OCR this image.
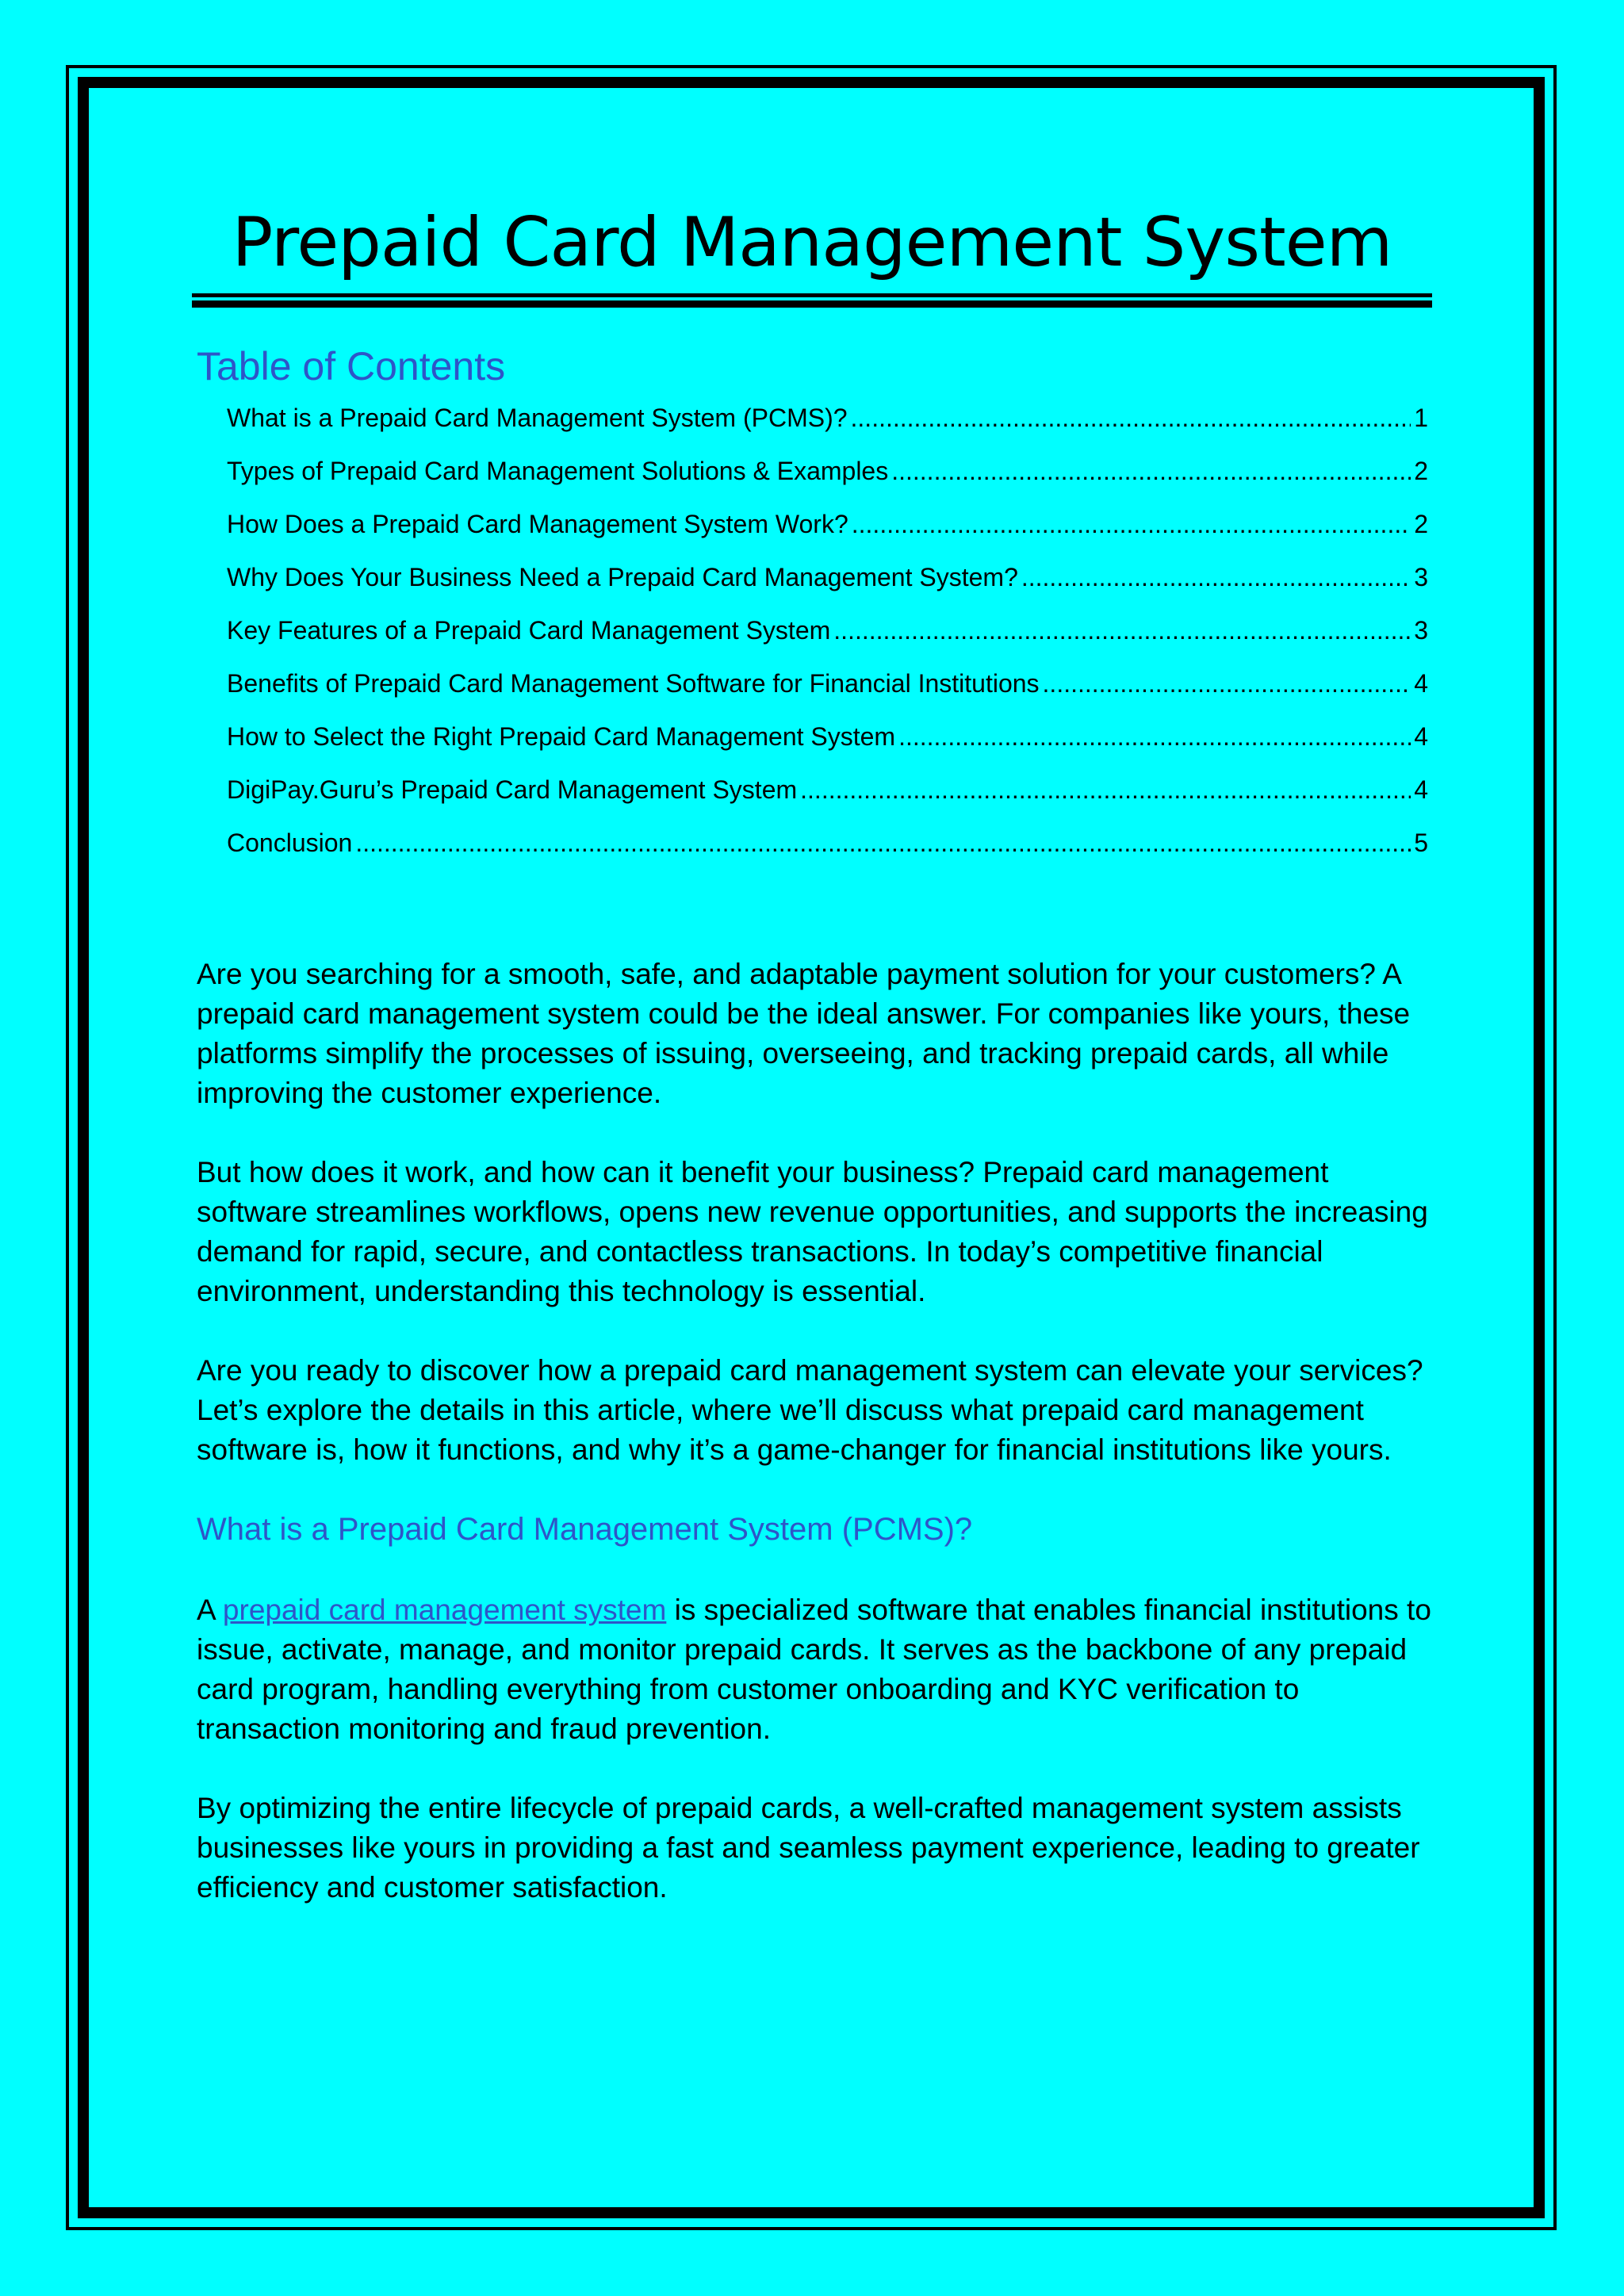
Prepaid Card Management System
Table of Contents
What is a Prepaid Card Management System (PCMS)? .....	1
Types of Prepaid Card Management Solutions & Examples .....	2
How Does a Prepaid Card Management System Work? .....	2
Why Does Your Business Need a Prepaid Card Management System? .....	3
Key Features of a Prepaid Card Management System .....	3
Benefits of Prepaid Card Management Software for Financial Institutions .....	4
How to Select the Right Prepaid Card Management System .....	4
DigiPay.Guru’s Prepaid Card Management System .....	4
Conclusion .....	5

Are you searching for a smooth, safe, and adaptable payment solution for your customers? A prepaid card management system could be the ideal answer. For companies like yours, these platforms simplify the processes of issuing, overseeing, and tracking prepaid cards, all while improving the customer experience.

But how does it work, and how can it benefit your business? Prepaid card management software streamlines workflows, opens new revenue opportunities, and supports the increasing demand for rapid, secure, and contactless transactions. In today’s competitive financial environment, understanding this technology is essential.

Are you ready to discover how a prepaid card management system can elevate your services? Let’s explore the details in this article, where we’ll discuss what prepaid card management software is, how it functions, and why it’s a game-changer for financial institutions like yours.

What is a Prepaid Card Management System (PCMS)?

A prepaid card management system is specialized software that enables financial institutions to issue, activate, manage, and monitor prepaid cards. It serves as the backbone of any prepaid card program, handling everything from customer onboarding and KYC verification to transaction monitoring and fraud prevention.

By optimizing the entire lifecycle of prepaid cards, a well-crafted management system assists businesses like yours in providing a fast and seamless payment experience, leading to greater efficiency and customer satisfaction.
